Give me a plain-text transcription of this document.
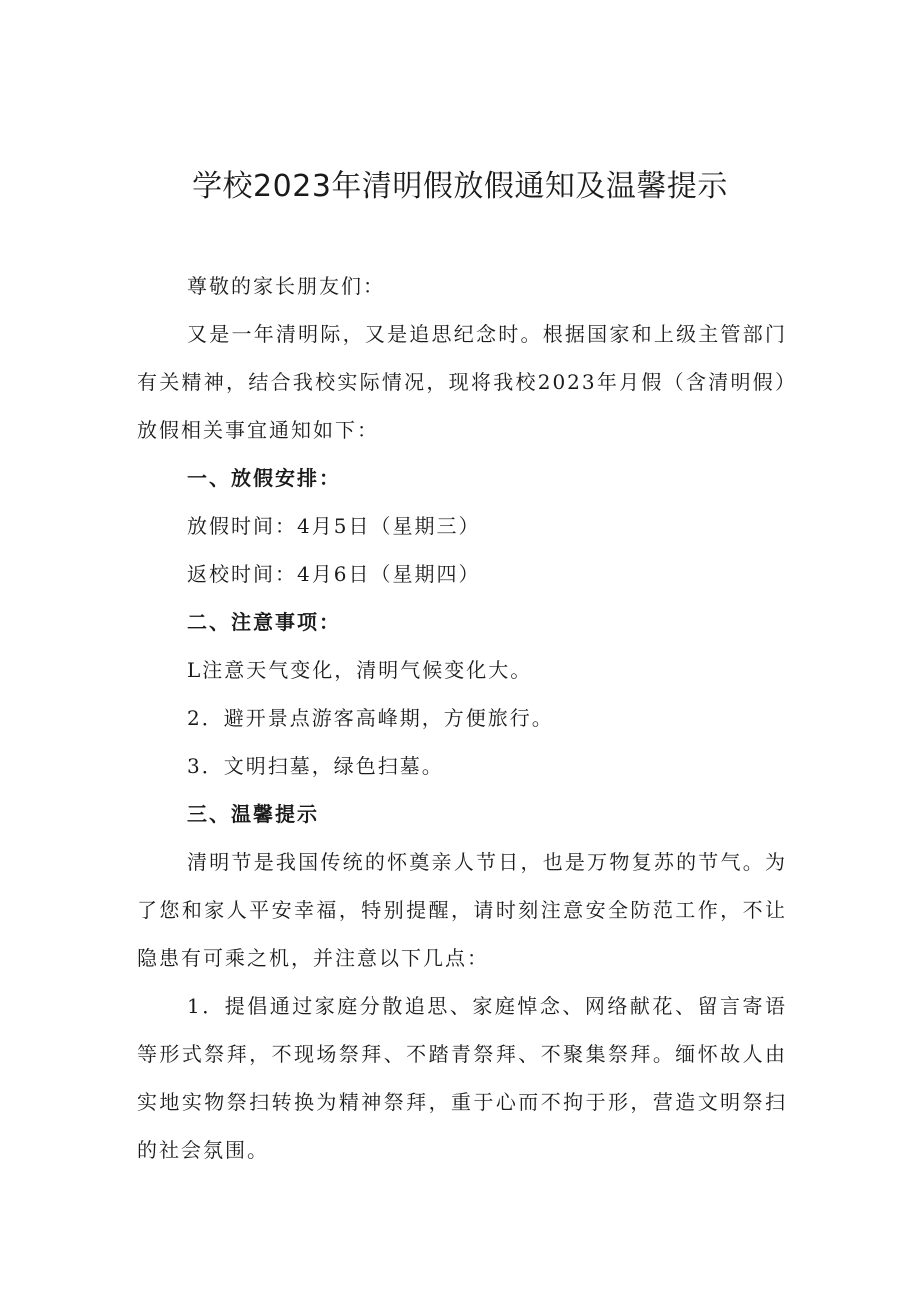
学校2023年清明假放假通知及温馨提示

尊敬的家长朋友们：

又是一年清明际，又是追思纪念时。根据国家和上级主管部门有关精神，结合我校实际情况，现将我校2023年月假（含清明假）放假相关事宜通知如下：

一、放假安排：

放假时间：4月5日（星期三）

返校时间：4月6日（星期四）

二、注意事项：

L注意天气变化，清明气候变化大。

2．避开景点游客高峰期，方便旅行。

3．文明扫墓，绿色扫墓。

三、温馨提示

清明节是我国传统的怀奠亲人节日，也是万物复苏的节气。为了您和家人平安幸福，特别提醒，请时刻注意安全防范工作，不让隐患有可乘之机，并注意以下几点：

1．提倡通过家庭分散追思、家庭悼念、网络献花、留言寄语等形式祭拜，不现场祭拜、不踏青祭拜、不聚集祭拜。缅怀故人由实地实物祭扫转换为精神祭拜，重于心而不拘于形，营造文明祭扫的社会氛围。
